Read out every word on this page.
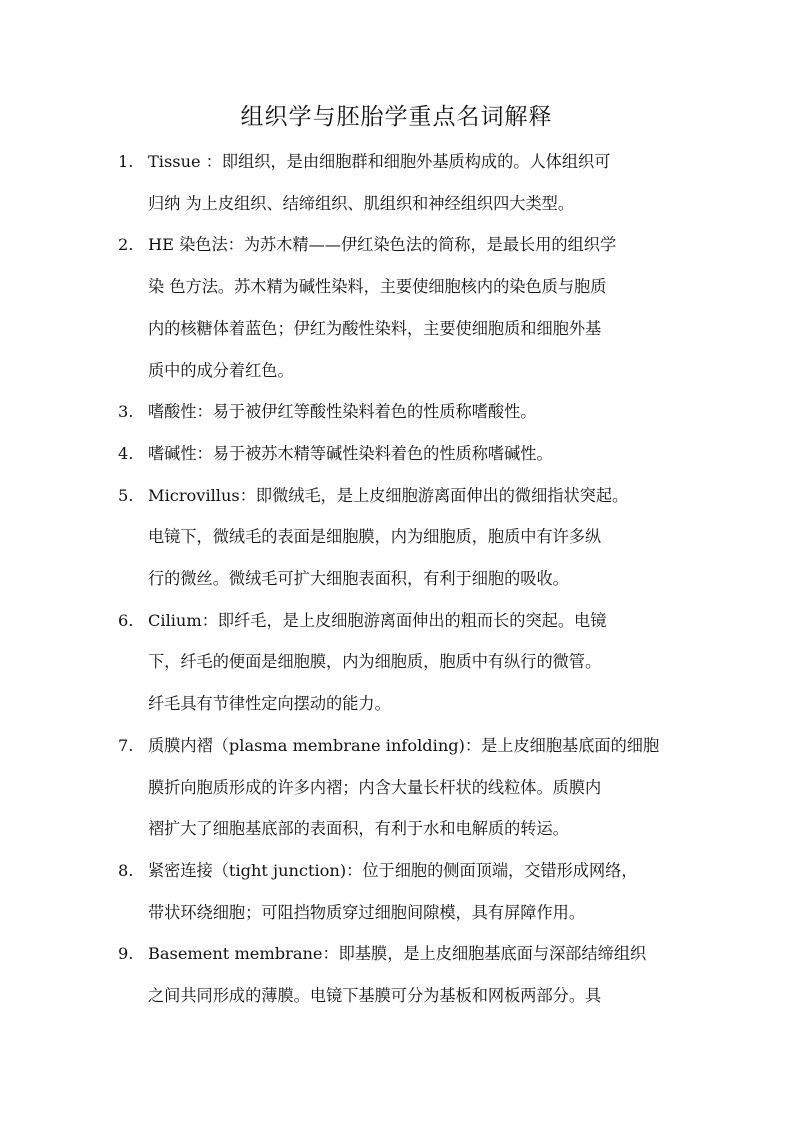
组织学与胚胎学重点名词解释
1. Tissue ：即组织，是由细胞群和细胞外基质构成的。人体组织可
归纳 为上皮组织、结缔组织、肌组织和神经组织四大类型。
2. HE 染色法：为苏木精——伊红染色法的简称，是最长用的组织学
染 色方法。苏木精为碱性染料，主要使细胞核内的染色质与胞质
内的核糖体着蓝色；伊红为酸性染料，主要使细胞质和细胞外基
质中的成分着红色。
3. 嗜酸性：易于被伊红等酸性染料着色的性质称嗜酸性。
4. 嗜碱性：易于被苏木精等碱性染料着色的性质称嗜碱性。
5. Microvillus：即微绒毛，是上皮细胞游离面伸出的微细指状突起。
电镜下，微绒毛的表面是细胞膜，内为细胞质，胞质中有许多纵
行的微丝。微绒毛可扩大细胞表面积，有利于细胞的吸收。
6. Cilium：即纤毛，是上皮细胞游离面伸出的粗而长的突起。电镜
下，纤毛的便面是细胞膜，内为细胞质，胞质中有纵行的微管。
纤毛具有节律性定向摆动的能力。
7. 质膜内褶（plasma membrane infolding)：是上皮细胞基底面的细胞
膜折向胞质形成的许多内褶；内含大量长杆状的线粒体。质膜内
褶扩大了细胞基底部的表面积，有利于水和电解质的转运。
8. 紧密连接（tight junction)：位于细胞的侧面顶端，交错形成网络，
带状环绕细胞；可阻挡物质穿过细胞间隙模，具有屏障作用。
9. Basement membrane：即基膜，是上皮细胞基底面与深部结缔组织
之间共同形成的薄膜。电镜下基膜可分为基板和网板两部分。具
